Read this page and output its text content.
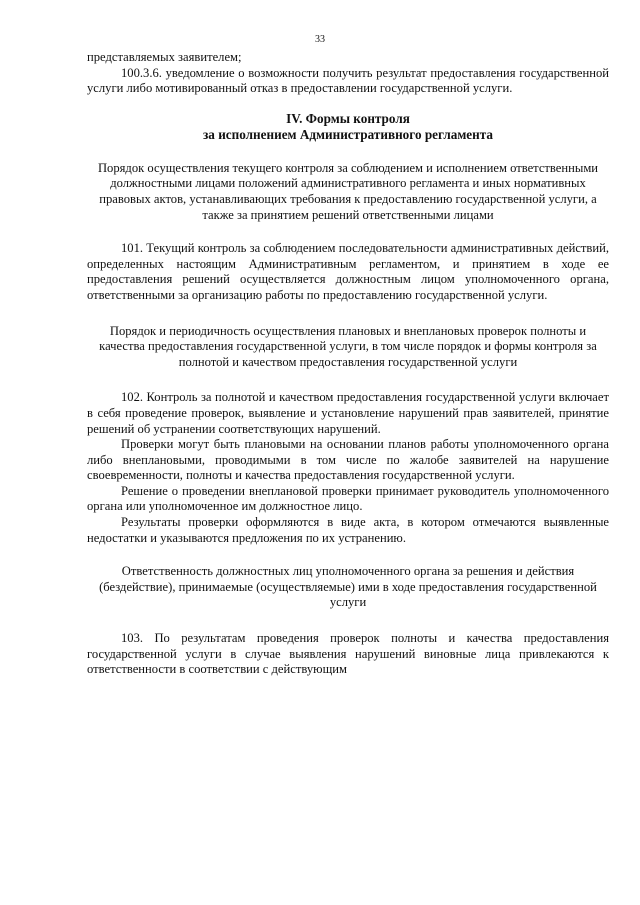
33

представляемых заявителем;

100.3.6. уведомление о возможности получить результат предоставления государственной услуги либо мотивированный отказ в предоставлении государственной услуги.

IV. Формы контроля
за исполнением Административного регламента

Порядок осуществления текущего контроля за соблюдением и исполнением ответственными должностными лицами положений административного регламента и иных нормативных правовых актов, устанавливающих требования к предоставлению государственной услуги, а также за принятием решений ответственными лицами

101. Текущий контроль за соблюдением последовательности административных действий, определенных настоящим Административным регламентом, и принятием в ходе ее предоставления решений осуществляется должностным лицом уполномоченного органа, ответственными за организацию работы по предоставлению государственной услуги.

Порядок и периодичность осуществления плановых и внеплановых проверок полноты и качества предоставления государственной услуги, в том числе порядок и формы контроля за полнотой и качеством предоставления государственной услуги

102. Контроль за полнотой и качеством предоставления государственной услуги включает в себя проведение проверок, выявление и установление нарушений прав заявителей, принятие решений об устранении соответствующих нарушений.

Проверки могут быть плановыми на основании планов работы уполномоченного органа либо внеплановыми, проводимыми в том числе по жалобе заявителей на нарушение своевременности, полноты и качества предоставления государственной услуги.

Решение о проведении внеплановой проверки принимает руководитель уполномоченного органа или уполномоченное им должностное лицо.

Результаты проверки оформляются в виде акта, в котором отмечаются выявленные недостатки и указываются предложения по их устранению.

Ответственность должностных лиц уполномоченного органа за решения и действия (бездействие), принимаемые (осуществляемые) ими в ходе предоставления государственной услуги

103. По результатам проведения проверок полноты и качества предоставления государственной услуги в случае выявления нарушений виновные лица привлекаются к ответственности в соответствии с действующим
